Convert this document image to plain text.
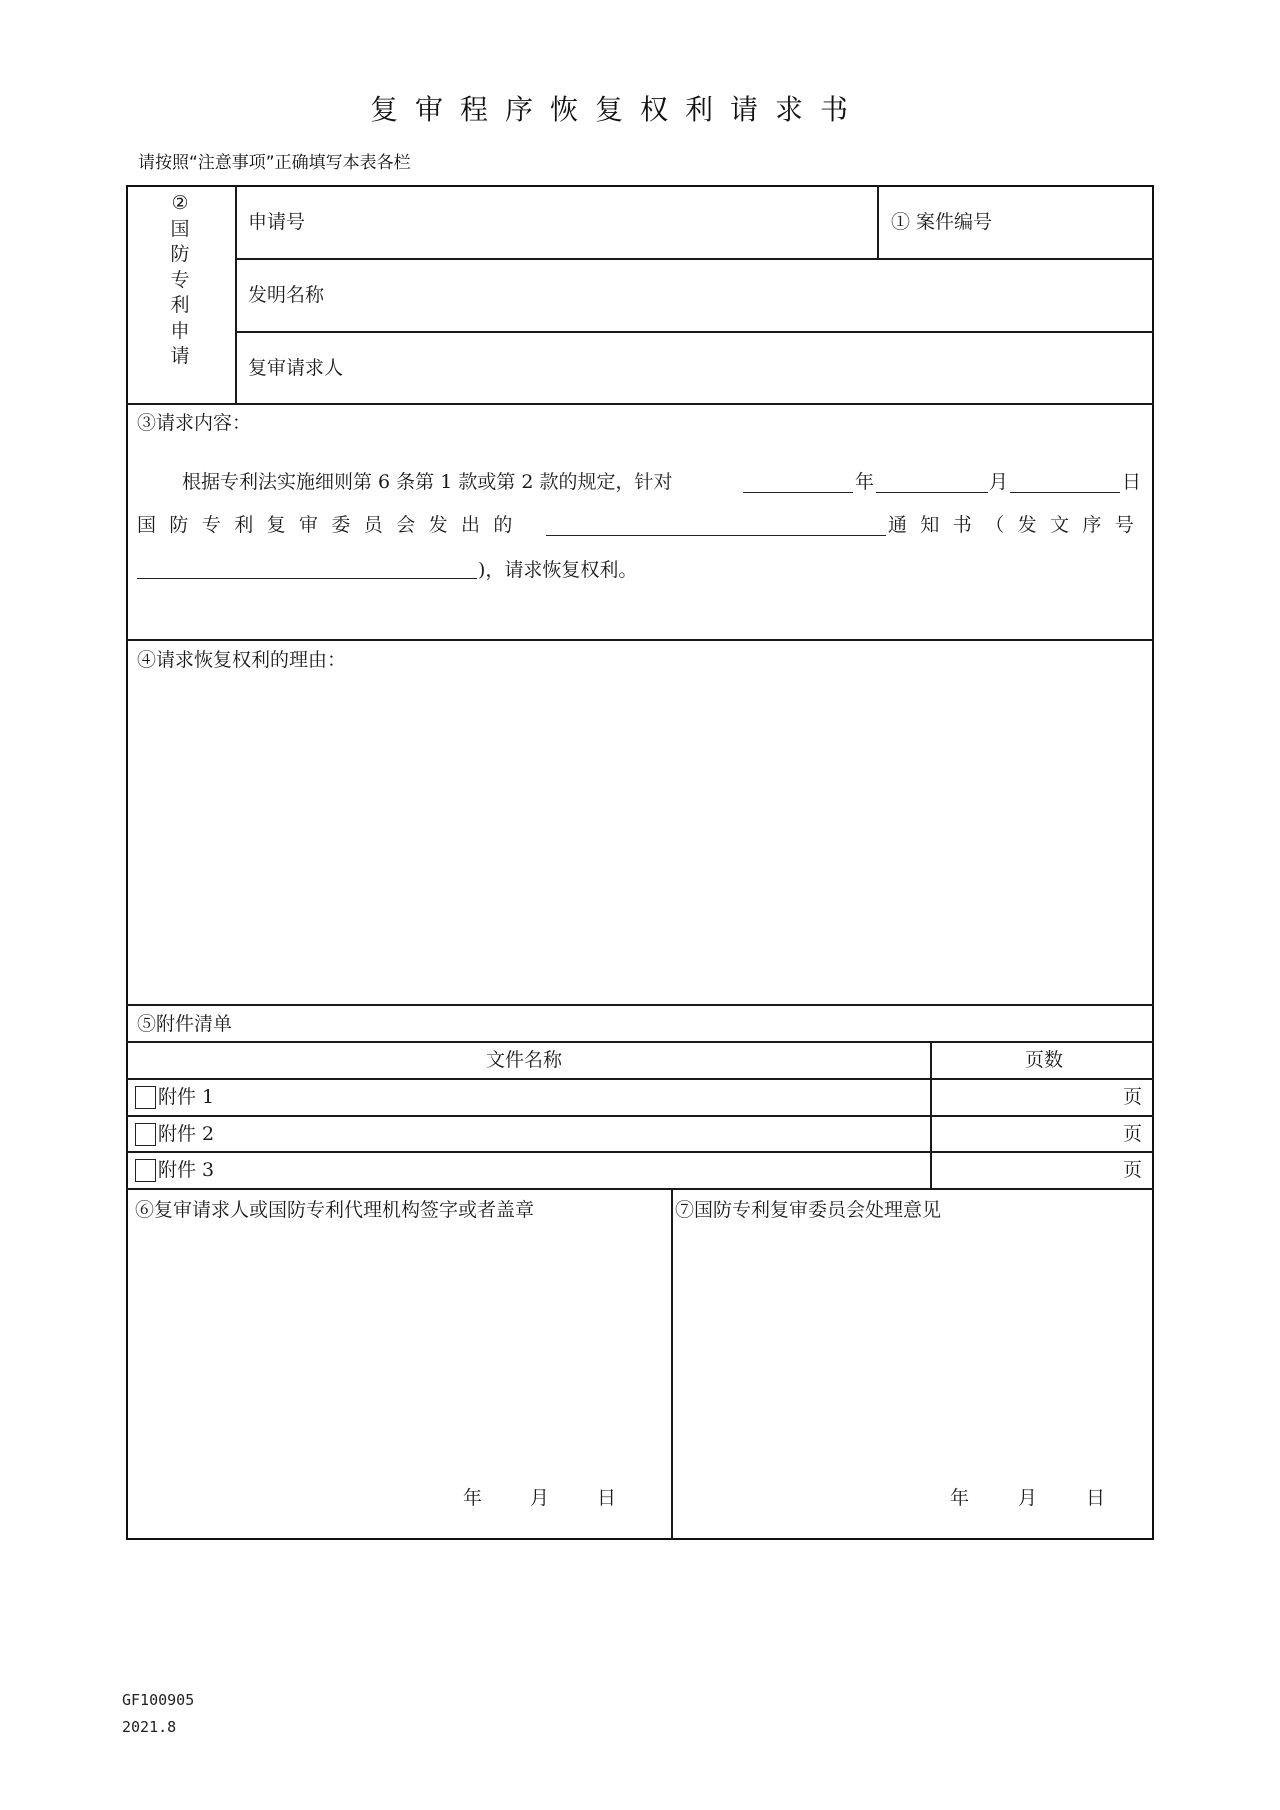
复审程序恢复权利请求书
请按照“注意事项”正确填写本表各栏
②
国
防
专
利
申
请
申请号	① 案件编号
发明名称
复审请求人
③请求内容：
根据专利法实施细则第 6 条第 1 款或第 2 款的规定，针对	年	月	日
国防专利复审委员会发出的	通知书（发文序号
)，请求恢复权利。
④请求恢复权利的理由：
⑤附件清单
文件名称	页数
附件 1	页
附件 2	页
附件 3	页
⑥复审请求人或国防专利代理机构签字或者盖章
年	月	日
⑦国防专利复审委员会处理意见
年	月	日
GF100905
2021.8
